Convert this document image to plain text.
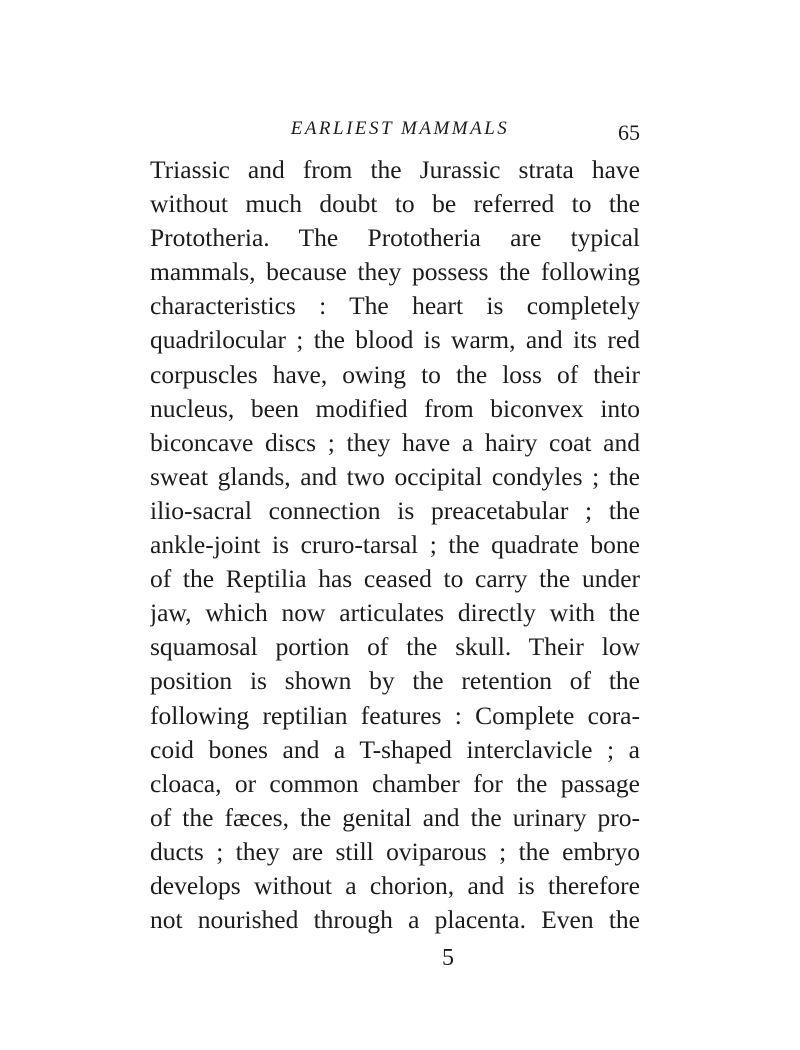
EARLIEST MAMMALS	65
Triassic and from the Jurassic strata have
without much doubt to be referred to the
Prototheria. The Prototheria are typical
mammals, because they possess the following
characteristics : The heart is completely
quadrilocular ; the blood is warm, and its red
corpuscles have, owing to the loss of their
nucleus, been modified from biconvex into
biconcave discs ; they have a hairy coat and
sweat glands, and two occipital condyles ; the
ilio-sacral connection is preacetabular ; the
ankle-joint is cruro-tarsal ; the quadrate bone
of the Reptilia has ceased to carry the under
jaw, which now articulates directly with the
squamosal portion of the skull. Their low
position is shown by the retention of the
following reptilian features : Complete cora-
coid bones and a T-shaped interclavicle ; a
cloaca, or common chamber for the passage
of the fæces, the genital and the urinary pro-
ducts ; they are still oviparous ; the embryo
develops without a chorion, and is therefore
not nourished through a placenta. Even the
5
